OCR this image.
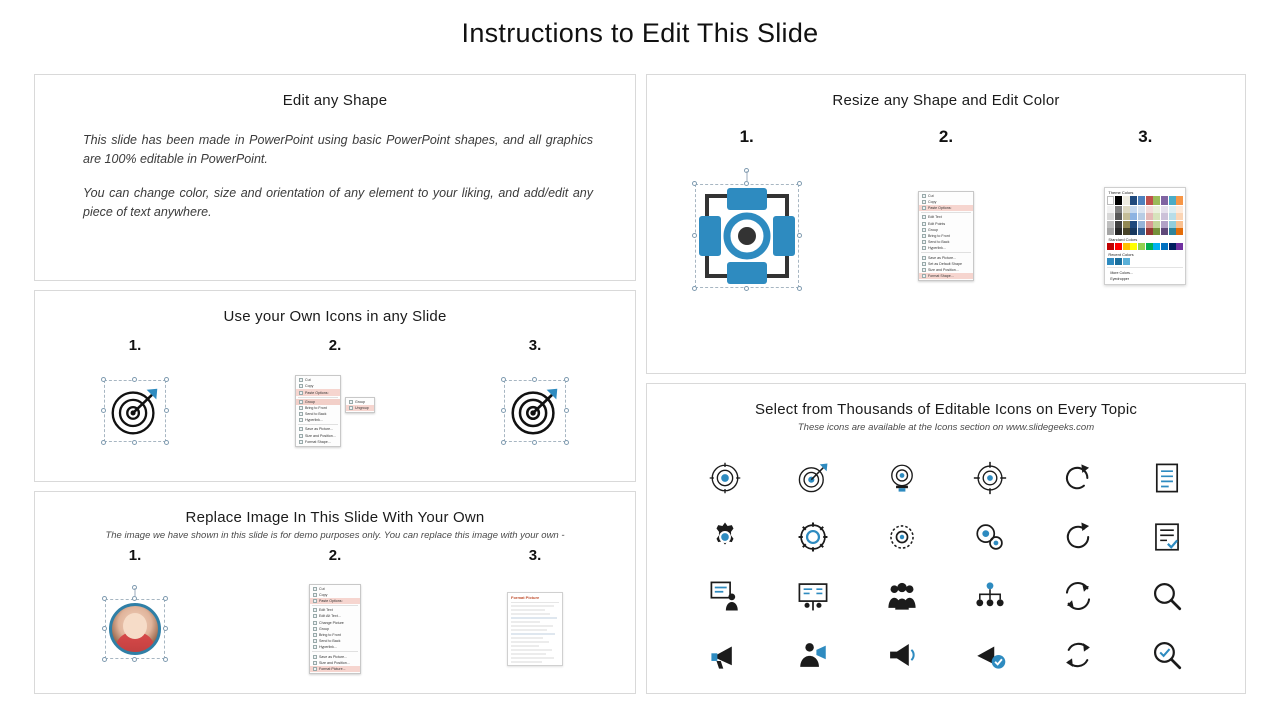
Instructions to Edit This Slide
Edit any Shape

This slide has been made in PowerPoint using basic PowerPoint shapes, and all graphics are 100% editable in PowerPoint.

You can change color, size and orientation of any element to your liking, and add/edit any piece of text anywhere.

Use your Own Icons in any Slide
1.	2.
Cut
Copy
Paste Options:
Group
Bring to Front
Send to Back
Hyperlink...
Save as Picture...
Size and Position...
Format Shape...
Group
Ungroup
3.
Replace Image In This Slide With Your Own
The image we have shown in this slide is for demo purposes only. You can replace this image with your own -
1.	2.
Cut
Copy
Paste Options:
Edit Text
Edit Alt Text...
Change Picture
Group
Bring to Front
Send to Back
Hyperlink...
Save as Picture...
Size and Position...
Format Picture...
3.
Format Picture
Resize any Shape and Edit Color
1.	2.
Cut
Copy
Paste Options:
Edit Text
Edit Points
Group
Bring to Front
Send to Back
Hyperlink...
Save as Picture...
Set as Default Shape
Size and Position...
Format Shape...
3.
Theme Colors
Standard Colors
Recent Colors
More Colors...
Eyedropper
Select from Thousands of Editable Icons on Every Topic
These icons are available at the Icons section on www.slidegeeks.com
